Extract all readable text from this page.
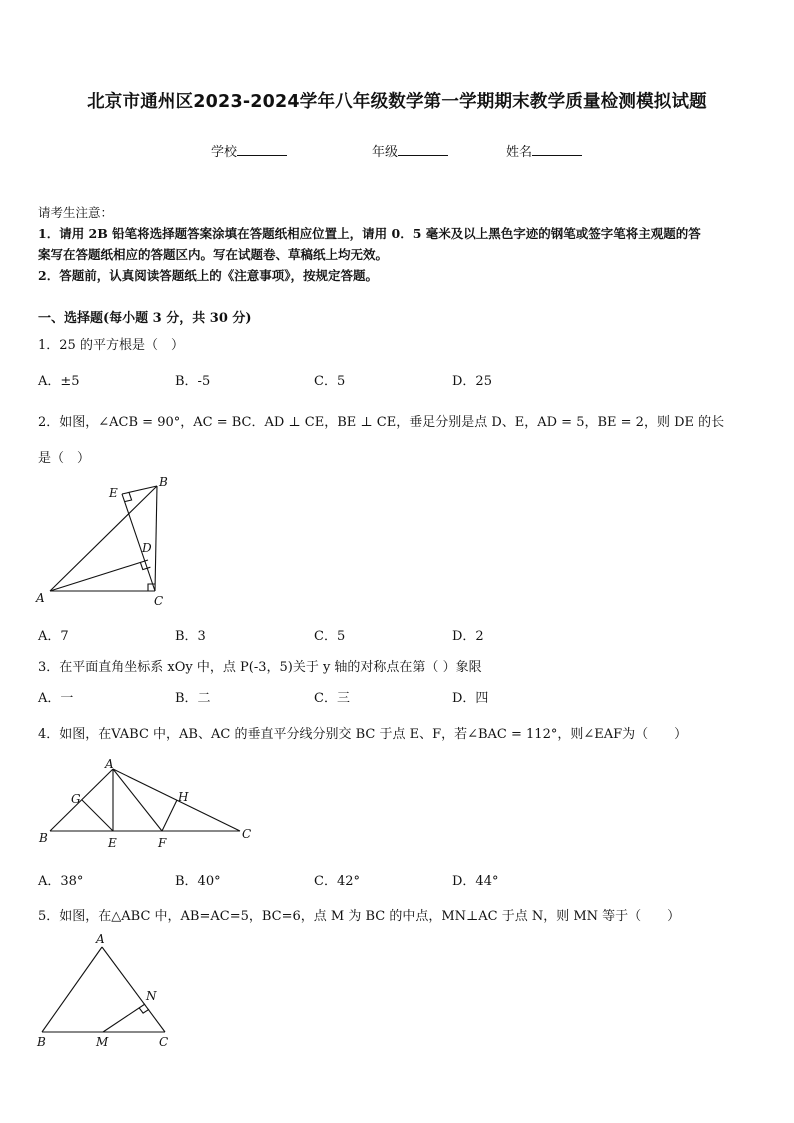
北京市通州区2023-2024学年八年级数学第一学期期末教学质量检测模拟试题
学校	年级	姓名
请考生注意：
1．请用 2B 铅笔将选择题答案涂填在答题纸相应位置上，请用 0．5 毫米及以上黑色字迹的钢笔或签字笔将主观题的答
案写在答题纸相应的答题区内。写在试题卷、草稿纸上均无效。
2．答题前，认真阅读答题纸上的《注意事项》，按规定答题。
一、选择题(每小题 3 分，共 30 分)
1．25 的平方根是（　）
A．±5	B．-5	C．5	D．25
2．如图，∠ACB = 90°，AC = BC．AD ⊥ CE，BE ⊥ CE，垂足分别是点 D、E，AD = 5，BE = 2，则 DE 的长
是（　）
A
B
C
D
E
A．7	B．3	C．5	D．2
3．在平面直角坐标系 xOy 中，点 P(-3，5)关于 y 轴的对称点在第（ ）象限
A．一	B．二	C．三	D．四
4．如图，在VABC 中，AB、AC 的垂直平分线分别交 BC 于点 E、F，若∠BAC = 112°，则∠EAF为（　　）
A
B	C
E	F
G	H
A．38°	B．40°	C．42°	D．44°
5．如图，在△ABC 中，AB=AC=5，BC=6，点 M 为 BC 的中点，MN⊥AC 于点 N，则 MN 等于（　　）
A
B	C
M
N
